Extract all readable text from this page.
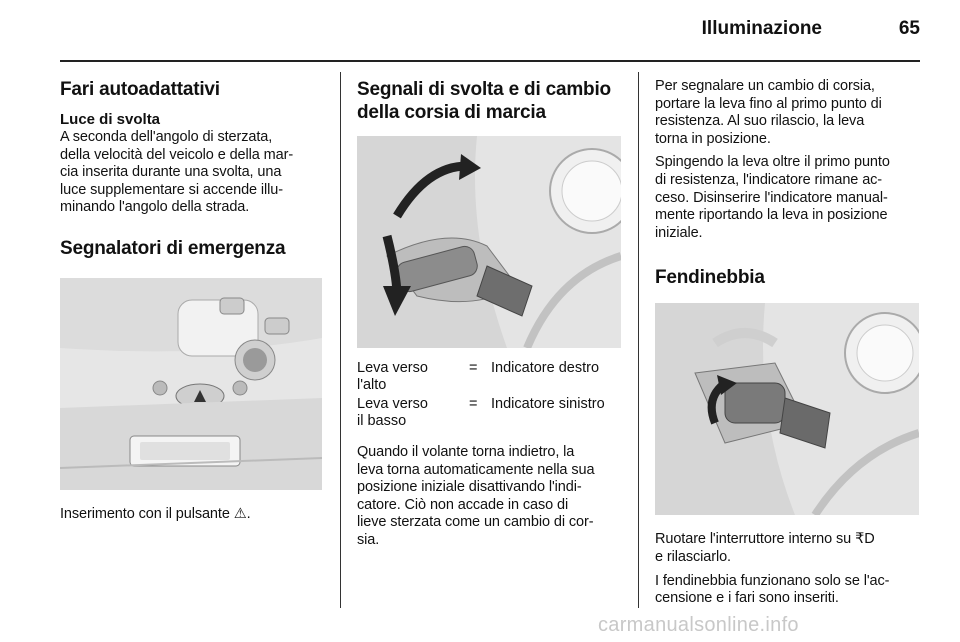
Illuminazione	65
Fari autoadattativi
Luce di svolta

A seconda dell'angolo di sterzata,
della velocità del veicolo e della mar-
cia inserita durante una svolta, una
luce supplementare si accende illu-
minando l'angolo della strada.

Segnalatori di emergenza

Inserimento con il pulsante ⚠.

Segnali di svolta e di cambio
della corsia di marcia
Leva verso
l'alto
= Indicatore destro
Leva verso
il basso
= Indicatore sinistro

Quando il volante torna indietro, la
leva torna automaticamente nella sua
posizione iniziale disattivando l'indi-
catore. Ciò non accade in caso di
lieve sterzata come un cambio di cor-
sia.

Per segnalare un cambio di corsia,
portare la leva fino al primo punto di
resistenza. Al suo rilascio, la leva
torna in posizione.

Spingendo la leva oltre il primo punto
di resistenza, l'indicatore rimane ac-
ceso. Disinserire l'indicatore manual-
mente riportando la leva in posizione
iniziale.

Fendinebbia

Ruotare l'interruttore interno su ₹D
e rilasciarlo.

I fendinebbia funzionano solo se l'ac-
censione e i fari sono inseriti.

carmanualsonline.info
